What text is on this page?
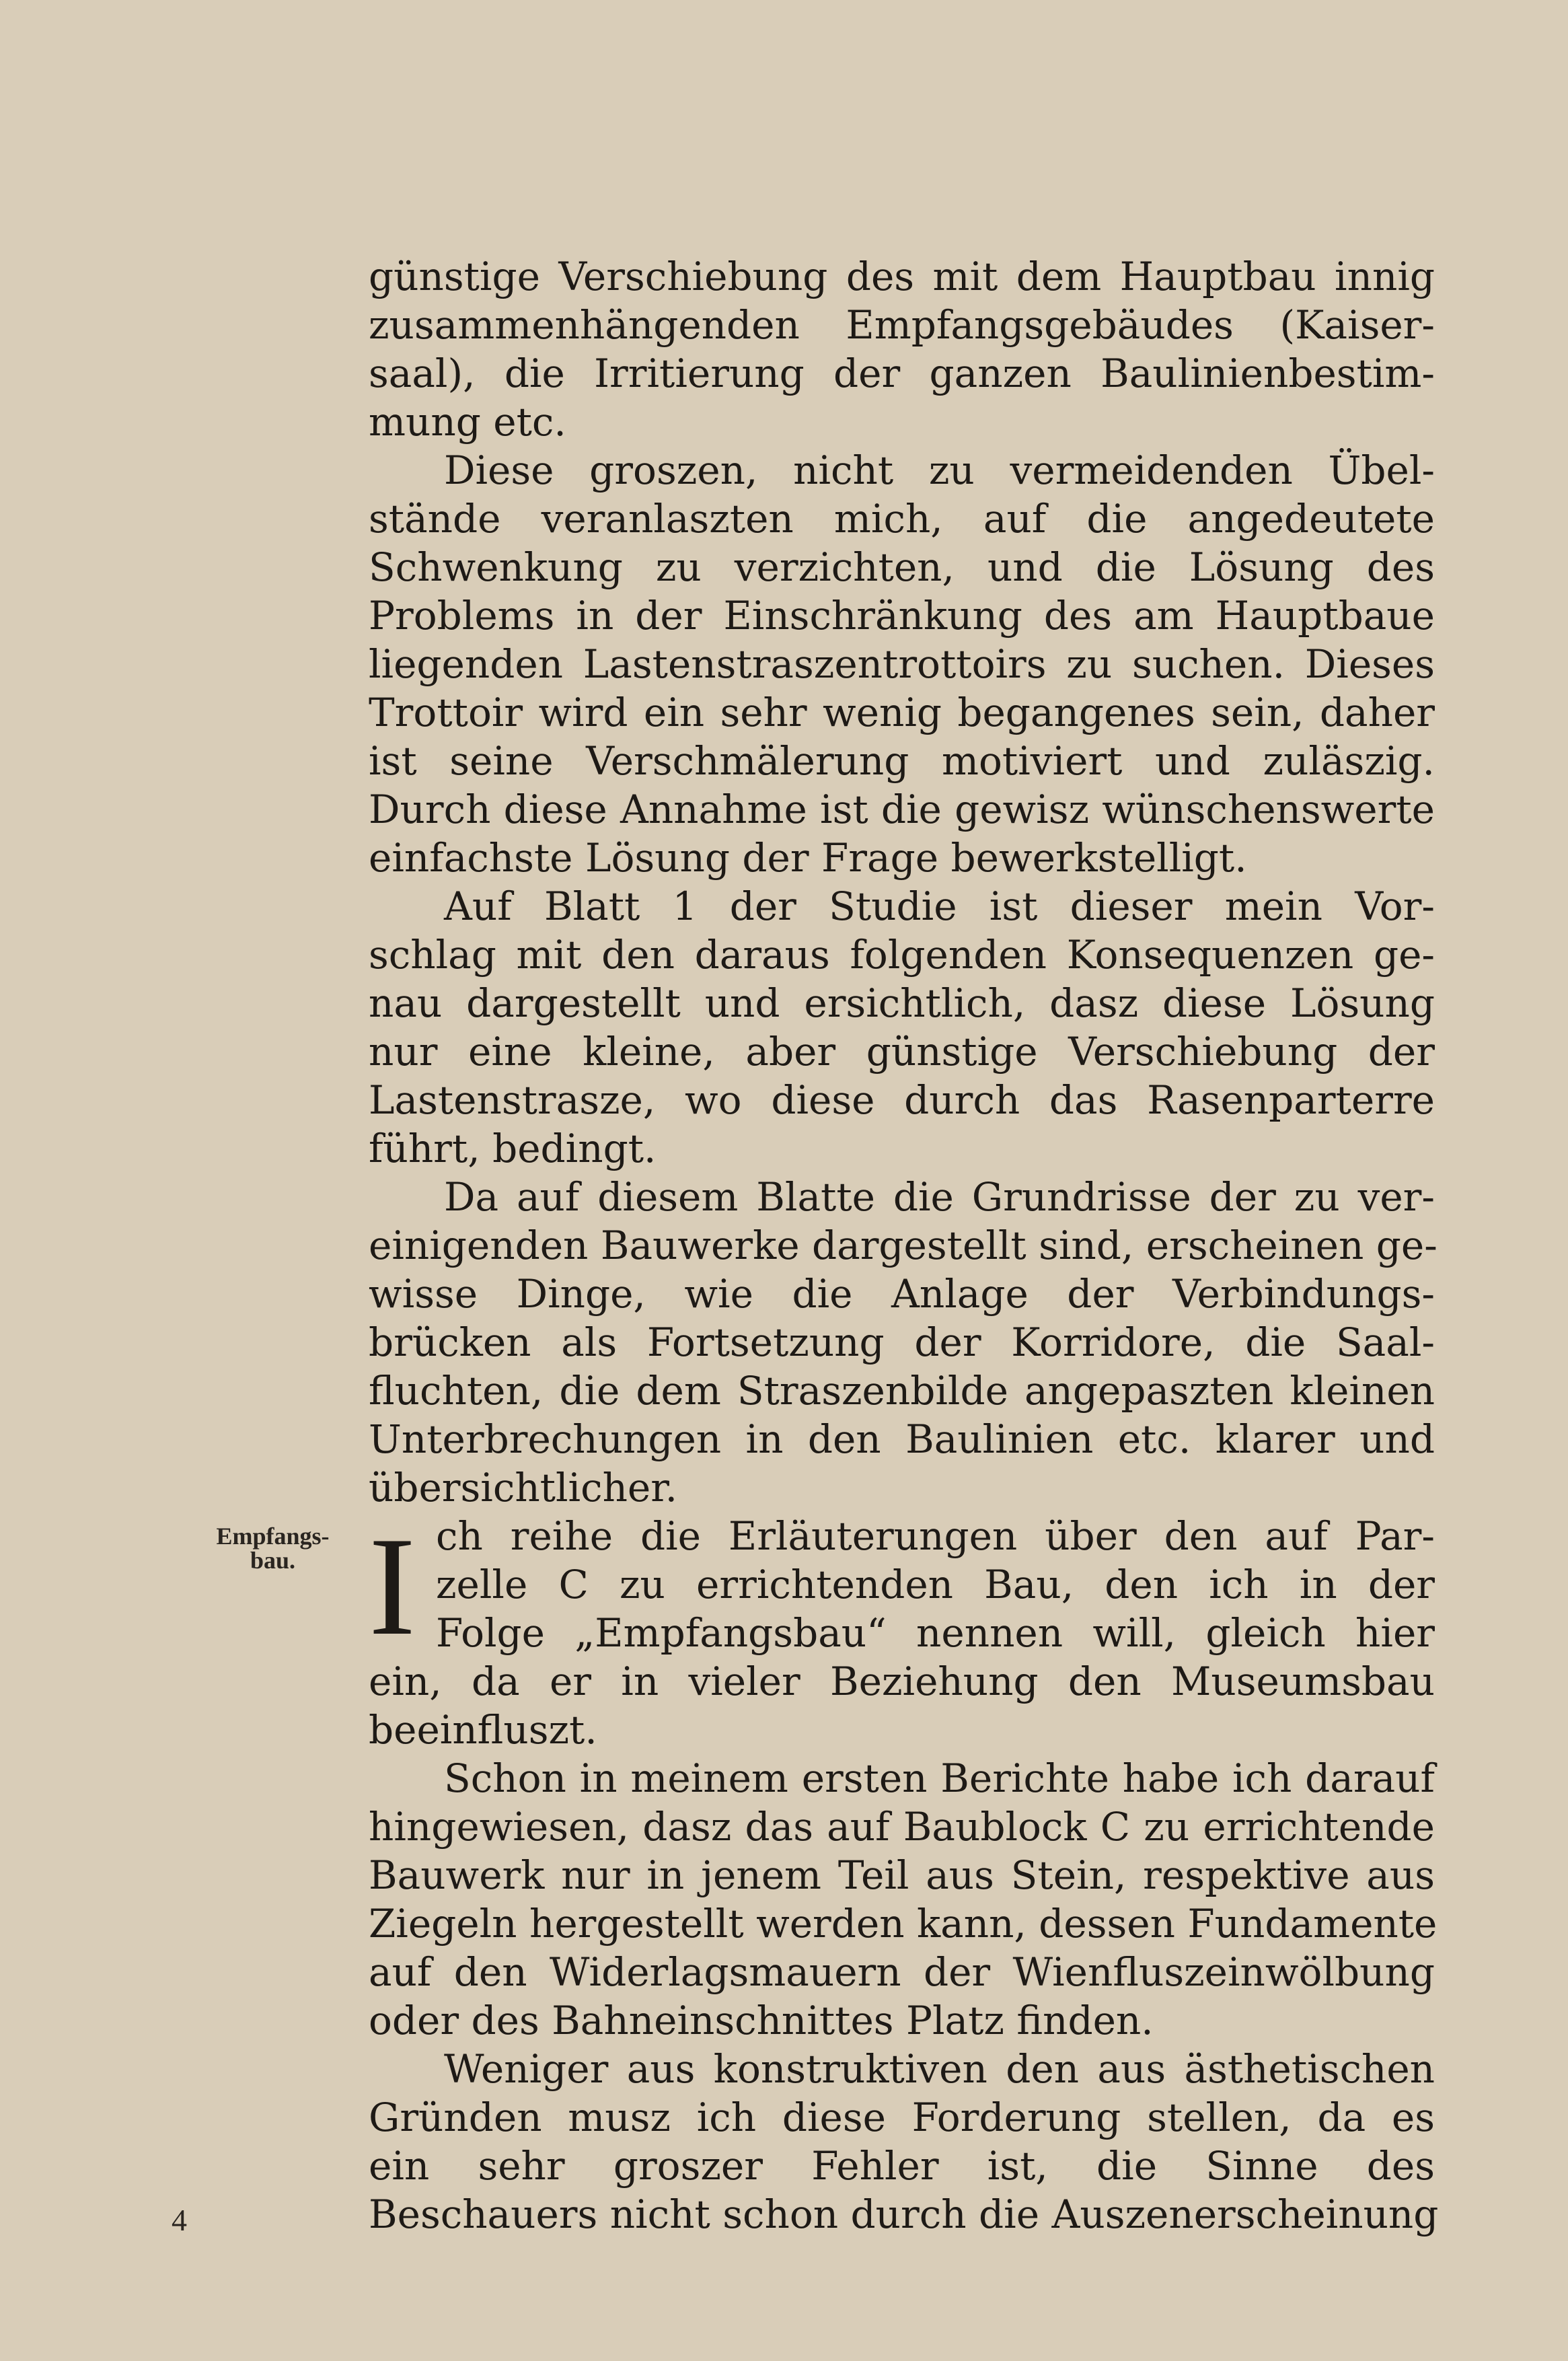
günstige Verschiebung des mit dem Hauptbau innig
zusammenhängenden Empfangsgebäudes (Kaiser-
saal), die Irritierung der ganzen Baulinienbestim-
mung etc.
Diese groszen, nicht zu vermeidenden Übel-
stände veranlaszten mich, auf die angedeutete
Schwenkung zu verzichten, und die Lösung des
Problems in der Einschränkung des am Hauptbaue
liegenden Lastenstraszentrottoirs zu suchen. Dieses
Trottoir wird ein sehr wenig begangenes sein, daher
ist seine Verschmälerung motiviert und zuläszig.
Durch diese Annahme ist die gewisz wünschenswerte
einfachste Lösung der Frage bewerkstelligt.
Auf Blatt 1 der Studie ist dieser mein Vor-
schlag mit den daraus folgenden Konsequenzen ge-
nau dargestellt und ersichtlich, dasz diese Lösung
nur eine kleine, aber günstige Verschiebung der
Lastenstrasze, wo diese durch das Rasenparterre
führt, bedingt.
Da auf diesem Blatte die Grundrisse der zu ver-
einigenden Bauwerke dargestellt sind, erscheinen ge-
wisse Dinge, wie die Anlage der Verbindungs-
brücken als Fortsetzung der Korridore, die Saal-
fluchten, die dem Straszenbilde angepaszten kleinen
Unterbrechungen in den Baulinien etc. klarer und
übersichtlicher.
I ch reihe die Erläuterungen über den auf Par-
zelle C zu errichtenden Bau, den ich in der
Folge „Empfangsbau“ nennen will, gleich hier
ein, da er in vieler Beziehung den Museumsbau
beeinfluszt.
Schon in meinem ersten Berichte habe ich darauf
hingewiesen, dasz das auf Baublock C zu errichtende
Bauwerk nur in jenem Teil aus Stein, respektive aus
Ziegeln hergestellt werden kann, dessen Fundamente
auf den Widerlagsmauern der Wienfluszeinwölbung
oder des Bahneinschnittes Platz finden.
Weniger aus konstruktiven den aus ästhetischen
Gründen musz ich diese Forderung stellen, da es
ein sehr groszer Fehler ist, die Sinne des
Beschauers nicht schon durch die Auszenerscheinung
Empfangs-
bau.
4
